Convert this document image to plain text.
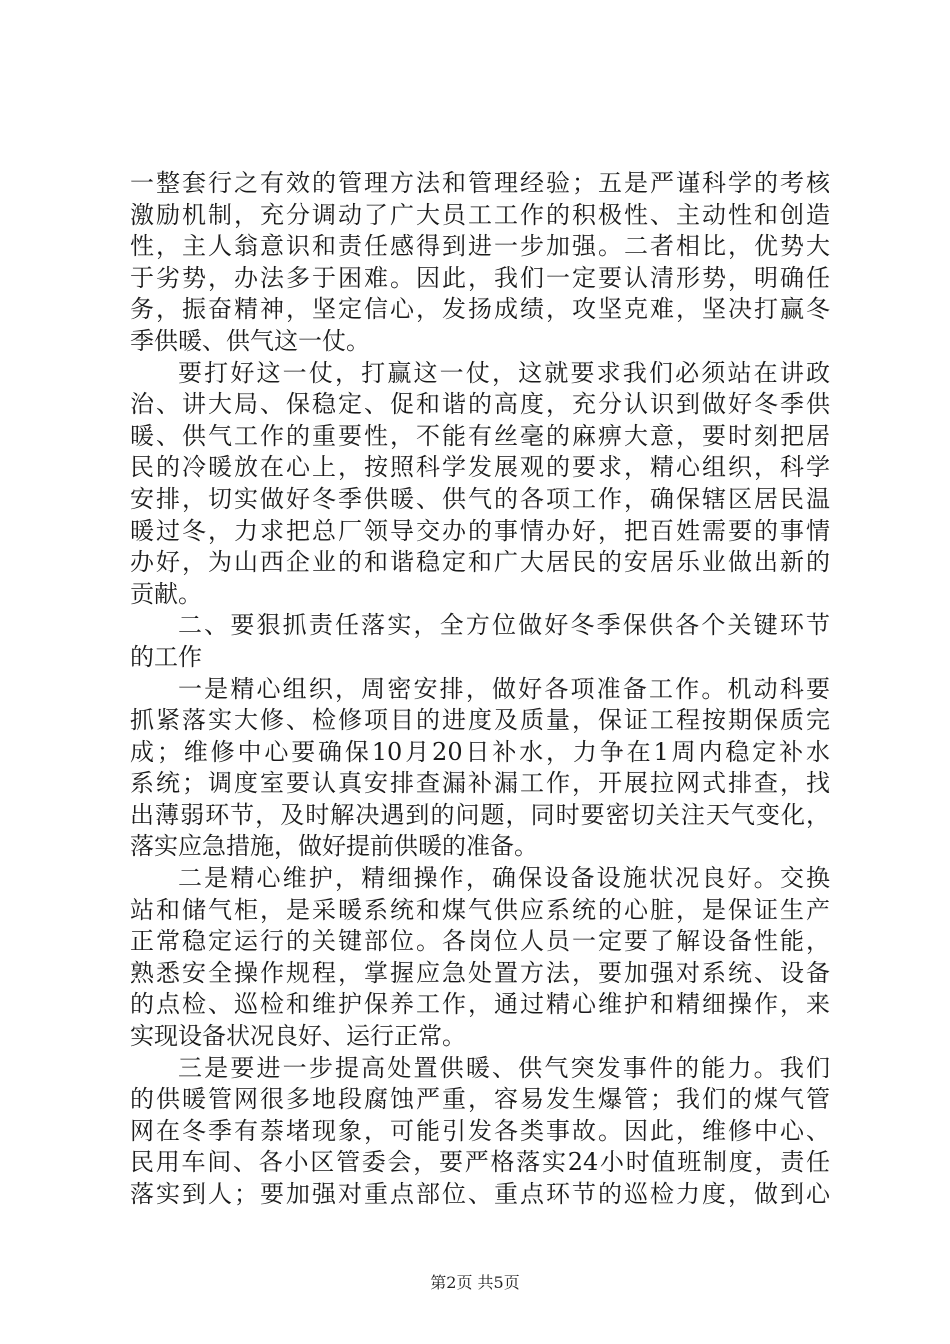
一整套行之有效的管理方法和管理经验；五是严谨科学的考核
激励机制，充分调动了广大员工工作的积极性、主动性和创造
性，主人翁意识和责任感得到进一步加强。二者相比，优势大
于劣势，办法多于困难。因此，我们一定要认清形势，明确任
务，振奋精神，坚定信心，发扬成绩，攻坚克难，坚决打赢冬
季供暖、供气这一仗。
要打好这一仗，打赢这一仗，这就要求我们必须站在讲政
治、讲大局、保稳定、促和谐的高度，充分认识到做好冬季供
暖、供气工作的重要性，不能有丝毫的麻痹大意，要时刻把居
民的冷暖放在心上，按照科学发展观的要求，精心组织，科学
安排，切实做好冬季供暖、供气的各项工作，确保辖区居民温
暖过冬，力求把总厂领导交办的事情办好，把百姓需要的事情
办好，为山西企业的和谐稳定和广大居民的安居乐业做出新的
贡献。
二、要狠抓责任落实，全方位做好冬季保供各个关键环节
的工作
一是精心组织，周密安排，做好各项准备工作。机动科要
抓紧落实大修、检修项目的进度及质量，保证工程按期保质完
成；维修中心要确保10月20日补水，力争在1周内稳定补水
系统；调度室要认真安排查漏补漏工作，开展拉网式排查，找
出薄弱环节，及时解决遇到的问题，同时要密切关注天气变化，
落实应急措施，做好提前供暖的准备。
二是精心维护，精细操作，确保设备设施状况良好。交换
站和储气柜，是采暖系统和煤气供应系统的心脏，是保证生产
正常稳定运行的关键部位。各岗位人员一定要了解设备性能，
熟悉安全操作规程，掌握应急处置方法，要加强对系统、设备
的点检、巡检和维护保养工作，通过精心维护和精细操作，来
实现设备状况良好、运行正常。
三是要进一步提高处置供暖、供气突发事件的能力。我们
的供暖管网很多地段腐蚀严重，容易发生爆管；我们的煤气管
网在冬季有萘堵现象，可能引发各类事故。因此，维修中心、
民用车间、各小区管委会，要严格落实24小时值班制度，责任
落实到人；要加强对重点部位、重点环节的巡检力度，做到心
第2页 共5页
